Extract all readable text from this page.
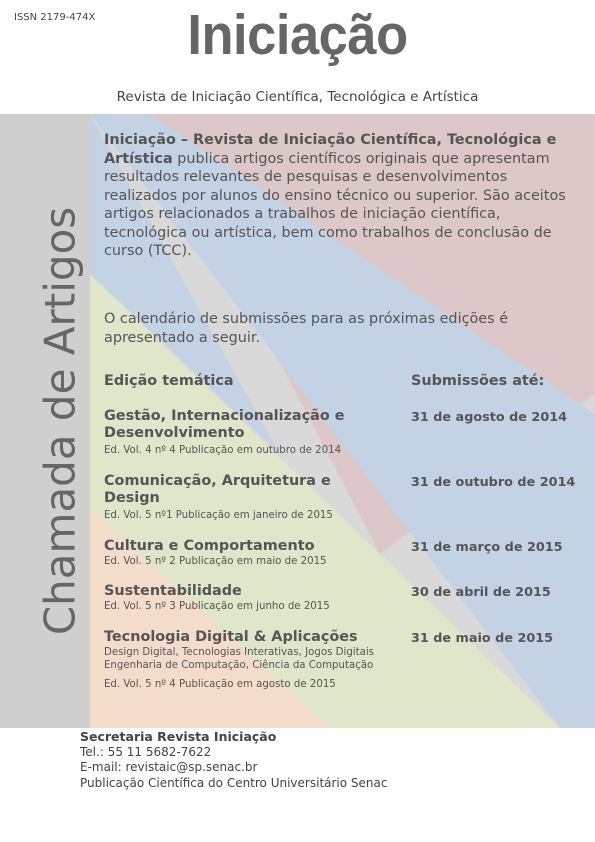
ISSN 2179-474X	Iniciação
Revista de Iniciação Científica, Tecnológica e Artística
Chamada de Artigos
Iniciação – Revista de Iniciação Científica, Tecnológica e Artística publica artigos científicos originais que apresentam resultados relevantes de pesquisas e desenvolvimentos realizados por alunos do ensino técnico ou superior. São aceitos artigos relacionados a trabalhos de iniciação científica, tecnológica ou artística, bem como trabalhos de conclusão de curso (TCC).
O calendário de submissões para as próximas edições é apresentado a seguir.
Edição temática	Submissões até:
Gestão, Internacionalização e Desenvolvimento
Ed. Vol. 4 nº 4 Publicação em outubro de 2014
31 de agosto de 2014
Comunicação, Arquitetura e Design
Ed. Vol. 5 nº1 Publicação em janeiro de 2015
31 de outubro de 2014
Cultura e Comportamento
Ed. Vol. 5 nº 2 Publicação em maio de 2015
31 de março de 2015
Sustentabilidade
Ed. Vol. 5 nº 3 Publicação em junho de 2015
30 de abril de 2015
Tecnologia Digital & Aplicações
Design Digital, Tecnologias Interativas, Jogos Digitais
Engenharia de Computação, Ciência da Computação
Ed. Vol. 5 nº 4 Publicação em agosto de 2015
31 de maio de 2015
Secretaria Revista Iniciação
Tel.: 55 11 5682-7622
E-mail: revistaic@sp.senac.br
Publicação Científica do Centro Universitário Senac
